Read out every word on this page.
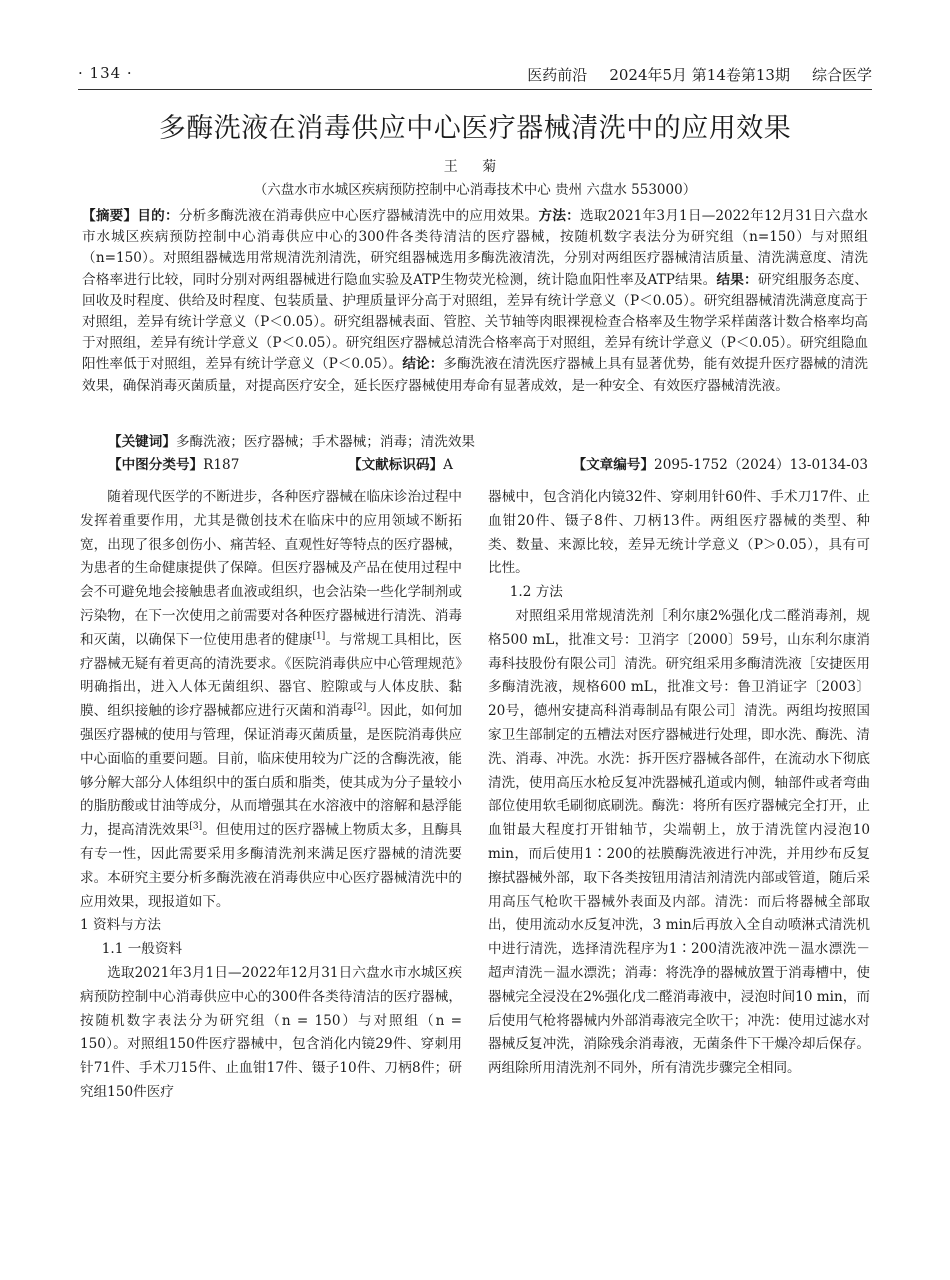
· 134 ·	医药前沿 2024年5月 第14卷第13期 综合医学
多酶洗液在消毒供应中心医疗器械清洗中的应用效果
王 菊
（六盘水市水城区疾病预防控制中心消毒技术中心 贵州 六盘水 553000）
【摘要】目的：分析多酶洗液在消毒供应中心医疗器械清洗中的应用效果。方法：选取2021年3月1日—2022年12月31日六盘水市水城区疾病预防控制中心消毒供应中心的300件各类待清洁的医疗器械，按随机数字表法分为研究组（n=150）与对照组（n=150）。对照组器械选用常规清洗剂清洗，研究组器械选用多酶洗液清洗，分别对两组医疗器械清洁质量、清洗满意度、清洗合格率进行比较，同时分别对两组器械进行隐血实验及ATP生物荧光检测，统计隐血阳性率及ATP结果。结果：研究组服务态度、回收及时程度、供给及时程度、包装质量、护理质量评分高于对照组，差异有统计学意义（P＜0.05）。研究组器械清洗满意度高于对照组，差异有统计学意义（P＜0.05）。研究组器械表面、管腔、关节轴等肉眼裸视检查合格率及生物学采样菌落计数合格率均高于对照组，差异有统计学意义（P＜0.05）。研究组医疗器械总清洗合格率高于对照组，差异有统计学意义（P＜0.05）。研究组隐血阳性率低于对照组，差异有统计学意义（P＜0.05）。结论：多酶洗液在清洗医疗器械上具有显著优势，能有效提升医疗器械的清洗效果，确保消毒灭菌质量，对提高医疗安全，延长医疗器械使用寿命有显著成效，是一种安全、有效医疗器械清洗液。
【关键词】多酶洗液；医疗器械；手术器械；消毒；清洗效果
【中图分类号】R187	【文献标识码】A	【文章编号】2095-1752（2024）13-0134-03

随着现代医学的不断进步，各种医疗器械在临床诊治过程中发挥着重要作用，尤其是微创技术在临床中的应用领域不断拓宽，出现了很多创伤小、痛苦轻、直观性好等特点的医疗器械，为患者的生命健康提供了保障。但医疗器械及产品在使用过程中会不可避免地会接触患者血液或组织，也会沾染一些化学制剂或污染物，在下一次使用之前需要对各种医疗器械进行清洗、消毒和灭菌，以确保下一位使用患者的健康[1]。与常规工具相比，医疗器械无疑有着更高的清洗要求。《医院消毒供应中心管理规范》明确指出，进入人体无菌组织、器官、腔隙或与人体皮肤、黏膜、组织接触的诊疗器械都应进行灭菌和消毒[2]。因此，如何加强医疗器械的使用与管理，保证消毒灭菌质量，是医院消毒供应中心面临的重要问题。目前，临床使用较为广泛的含酶洗液，能够分解大部分人体组织中的蛋白质和脂类，使其成为分子量较小的脂肪酸或甘油等成分，从而增强其在水溶液中的溶解和悬浮能力，提高清洗效果[3]。但使用过的医疗器械上物质太多，且酶具有专一性，因此需要采用多酶清洗剂来满足医疗器械的清洗要求。本研究主要分析多酶洗液在消毒供应中心医疗器械清洗中的应用效果，现报道如下。

1 资料与方法

1.1 一般资料

选取2021年3月1日—2022年12月31日六盘水市水城区疾病预防控制中心消毒供应中心的300件各类待清洁的医疗器械，按随机数字表法分为研究组（n = 150）与对照组（n = 150）。对照组150件医疗器械中，包含消化内镜29件、穿刺用针71件、手术刀15件、止血钳17件、镊子10件、刀柄8件；研究组150件医疗

器械中，包含消化内镜32件、穿刺用针60件、手术刀17件、止血钳20件、镊子8件、刀柄13件。两组医疗器械的类型、种类、数量、来源比较，差异无统计学意义（P＞0.05），具有可比性。

1.2 方法

对照组采用常规清洗剂［利尔康2%强化戊二醛消毒剂，规格500 mL，批准文号：卫消字〔2000〕59号，山东利尔康消毒科技股份有限公司］清洗。研究组采用多酶清洗液［安捷医用多酶清洗液，规格600 mL，批准文号：鲁卫消证字〔2003〕20号，德州安捷高科消毒制品有限公司］清洗。两组均按照国家卫生部制定的五槽法对医疗器械进行处理，即水洗、酶洗、清洗、消毒、冲洗。水洗：拆开医疗器械各部件，在流动水下彻底清洗，使用高压水枪反复冲洗器械孔道或内侧，轴部件或者弯曲部位使用软毛刷彻底刷洗。酶洗：将所有医疗器械完全打开，止血钳最大程度打开钳轴节，尖端朝上，放于清洗筐内浸泡10 min，而后使用1∶200的祛膜酶洗液进行冲洗，并用纱布反复擦拭器械外部，取下各类按钮用清洁剂清洗内部或管道，随后采用高压气枪吹干器械外表面及内部。清洗：而后将器械全部取出，使用流动水反复冲洗，3 min后再放入全自动喷淋式清洗机中进行清洗，选择清洗程序为1∶200清洗液冲洗－温水漂洗－超声清洗－温水漂洗；消毒：将洗净的器械放置于消毒槽中，使器械完全浸没在2%强化戊二醛消毒液中，浸泡时间10 min，而后使用气枪将器械内外部消毒液完全吹干；冲洗：使用过滤水对器械反复冲洗，消除残余消毒液，无菌条件下干燥冷却后保存。两组除所用清洗剂不同外，所有清洗步骤完全相同。
